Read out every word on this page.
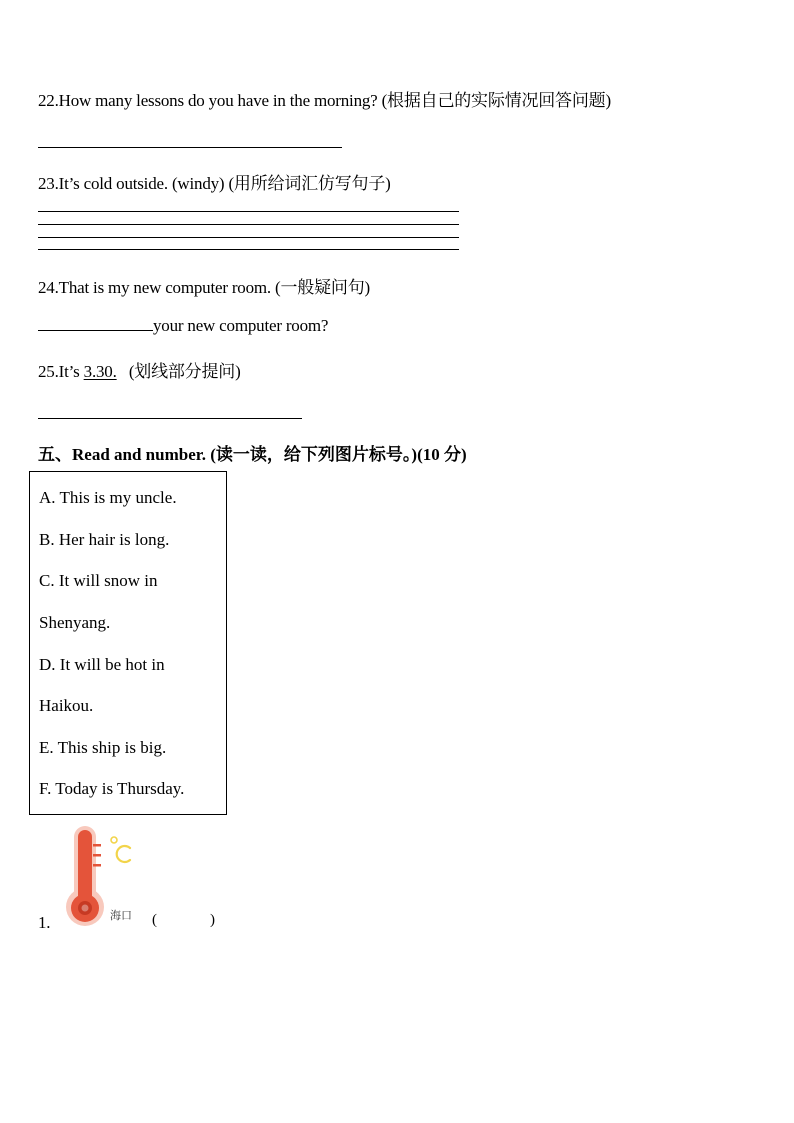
22.How many lessons do you have in the morning? (根据自己的实际情况回答问题)
23.It’s cold outside. (windy) (用所给词汇仿写句子)
24.That is my new computer room. (一般疑问句)
your new computer room?
25.It’s 3.30. (划线部分提问)
五、Read and number. (读一读，给下列图片标号。)(10 分)
A. This is my uncle.
B. Her hair is long.
C. It will snow in
Shenyang.
D. It will be hot in
Haikou.
E. This ship is big.
F. Today is Thursday.
1.	海口 (	)
